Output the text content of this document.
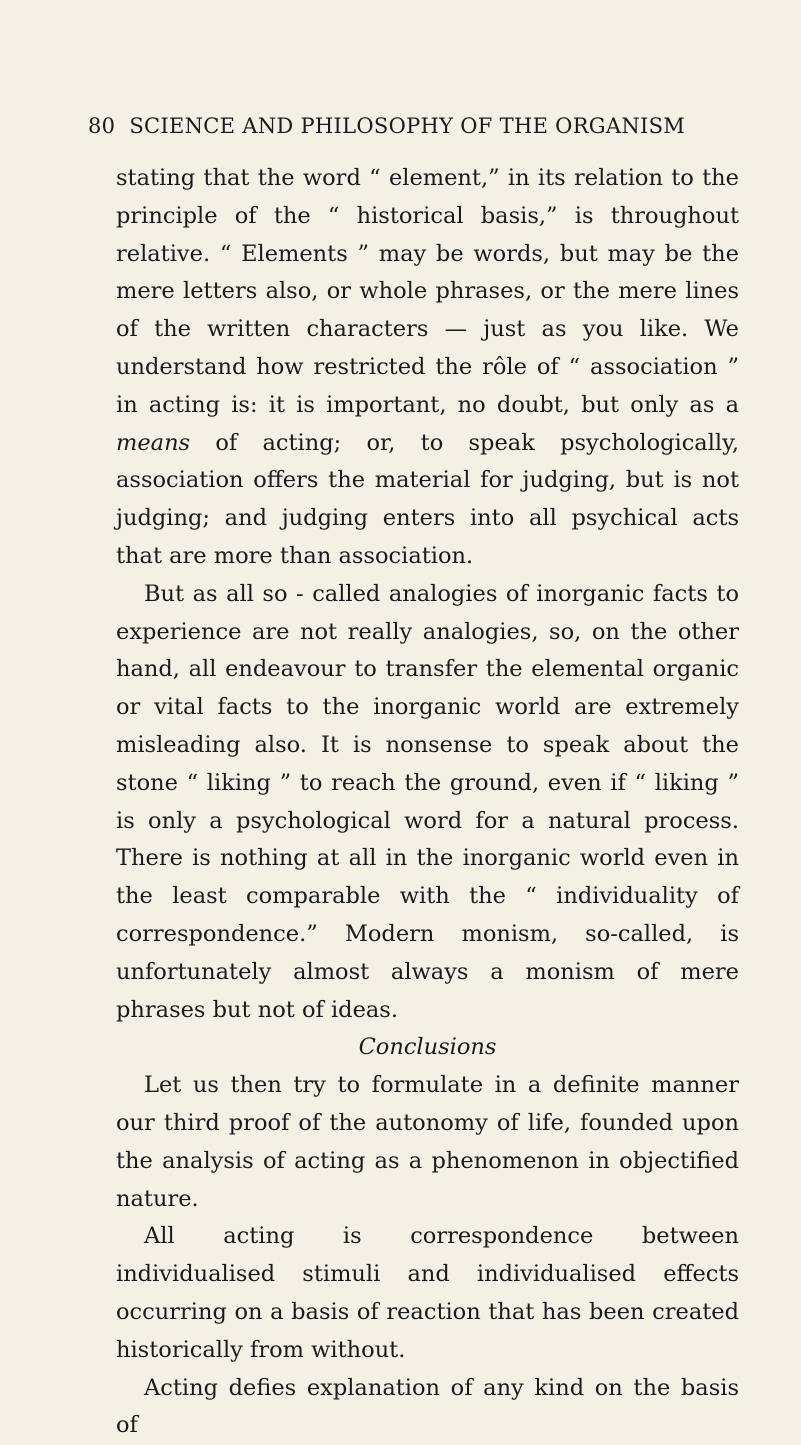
80 SCIENCE AND PHILOSOPHY OF THE ORGANISM

stating that the word “ element,” in its relation to the principle of the “ historical basis,” is throughout relative. “ Elements ” may be words, but may be the mere letters also, or whole phrases, or the mere lines of the written characters — just as you like. We understand how restricted the rôle of “ association ” in acting is: it is important, no doubt, but only as a means of acting; or, to speak psychologically, association offers the material for judging, but is not judging; and judging enters into all psychical acts that are more than association.

But as all so - called analogies of inorganic facts to experience are not really analogies, so, on the other hand, all endeavour to transfer the elemental organic or vital facts to the inorganic world are extremely misleading also. It is nonsense to speak about the stone “ liking ” to reach the ground, even if “ liking ” is only a psychological word for a natural process. There is nothing at all in the inorganic world even in the least comparable with the “ individuality of correspondence.” Modern monism, so-called, is unfortunately almost always a monism of mere phrases but not of ideas.

Conclusions

Let us then try to formulate in a definite manner our third proof of the autonomy of life, founded upon the analysis of acting as a phenomenon in objectified nature.

All acting is correspondence between individualised stimuli and individualised effects occurring on a basis of reaction that has been created historically from without.

Acting defies explanation of any kind on the basis of
